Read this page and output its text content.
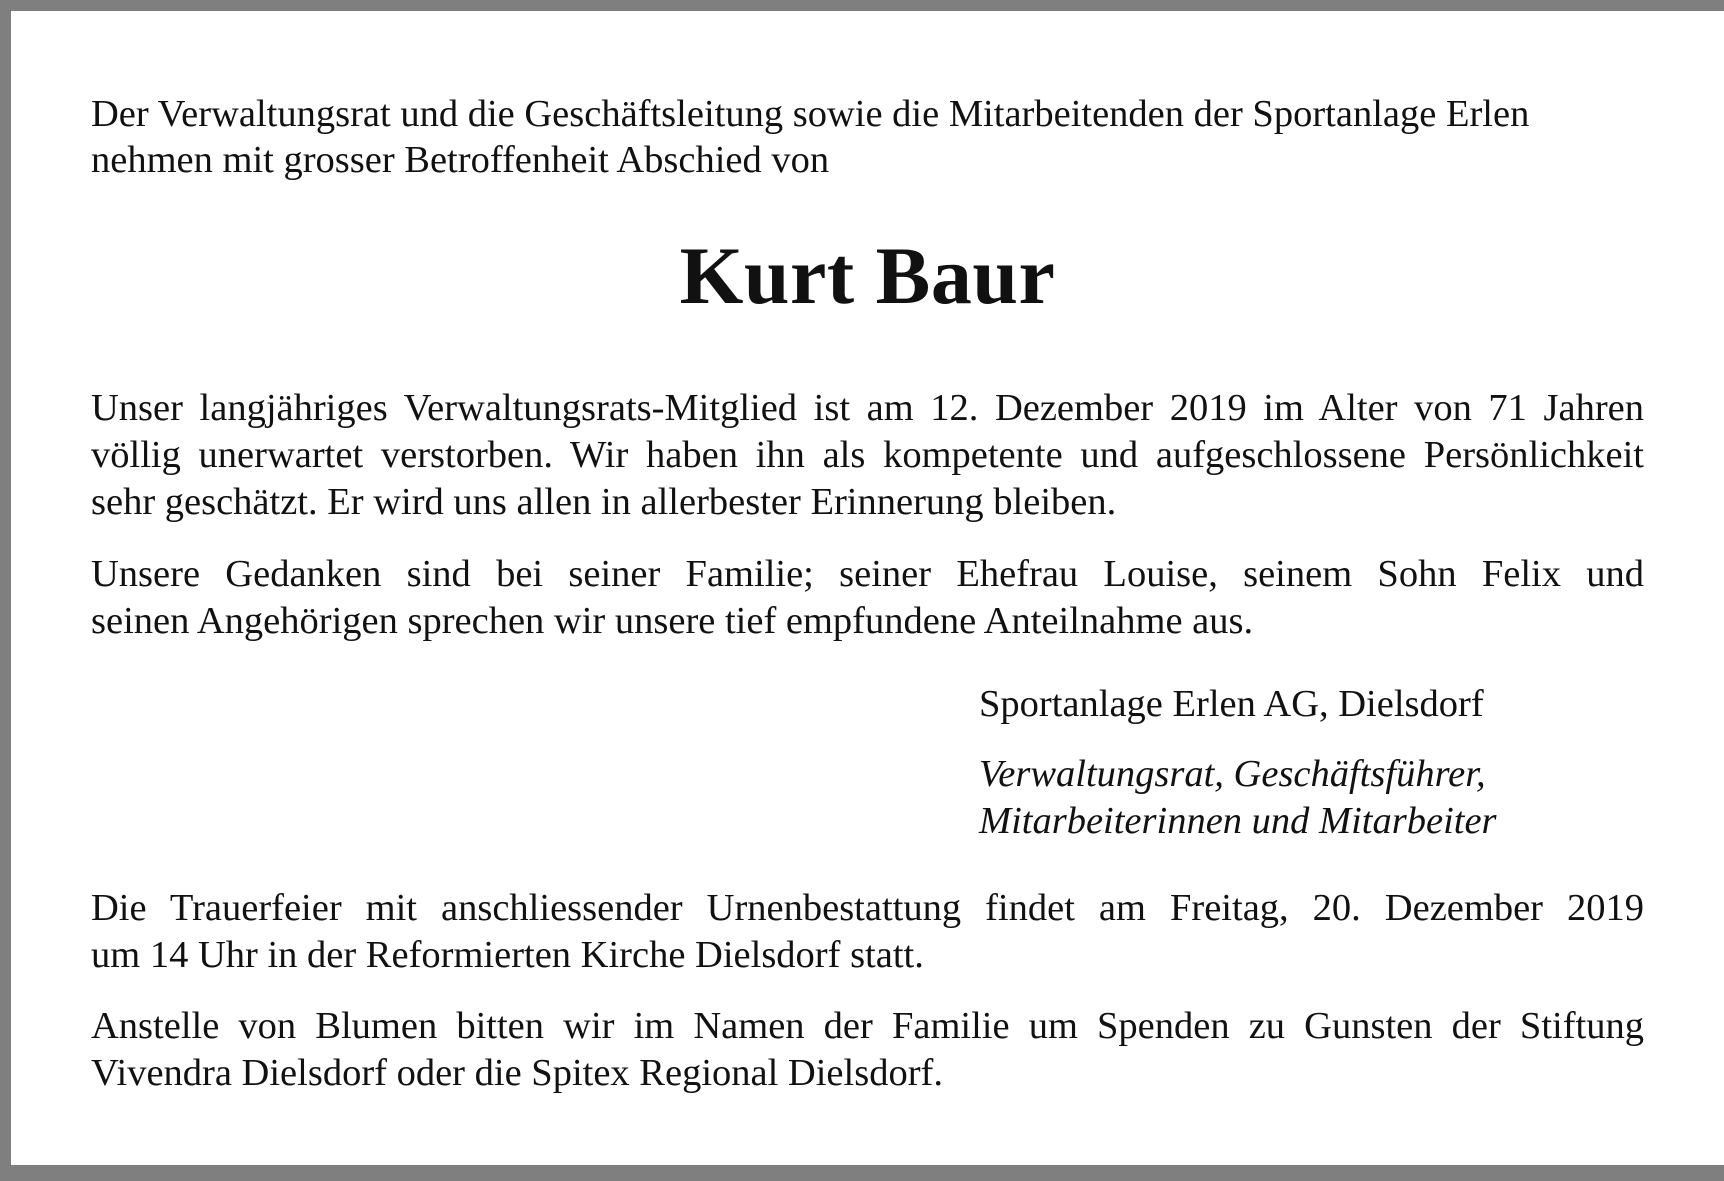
Der Verwaltungsrat und die Geschäftsleitung sowie die Mitarbeitenden der Sportanlage Erlen
nehmen mit grosser Betroffenheit Abschied von

Kurt Baur

Unser langjähriges Verwaltungsrats-Mitglied ist am 12. Dezember 2019 im Alter von 71 Jahren
völlig unerwartet verstorben. Wir haben ihn als kompetente und aufgeschlossene Persönlichkeit
sehr geschätzt. Er wird uns allen in allerbester Erinnerung bleiben.

Unsere Gedanken sind bei seiner Familie; seiner Ehefrau Louise, seinem Sohn Felix und
seinen Angehörigen sprechen wir unsere tief empfundene Anteilnahme aus.

Sportanlage Erlen AG, Dielsdorf

Verwaltungsrat, Geschäftsführer,
Mitarbeiterinnen und Mitarbeiter

Die Trauerfeier mit anschliessender Urnenbestattung findet am Freitag, 20. Dezember 2019
um 14 Uhr in der Reformierten Kirche Dielsdorf statt.

Anstelle von Blumen bitten wir im Namen der Familie um Spenden zu Gunsten der Stiftung
Vivendra Dielsdorf oder die Spitex Regional Dielsdorf.
